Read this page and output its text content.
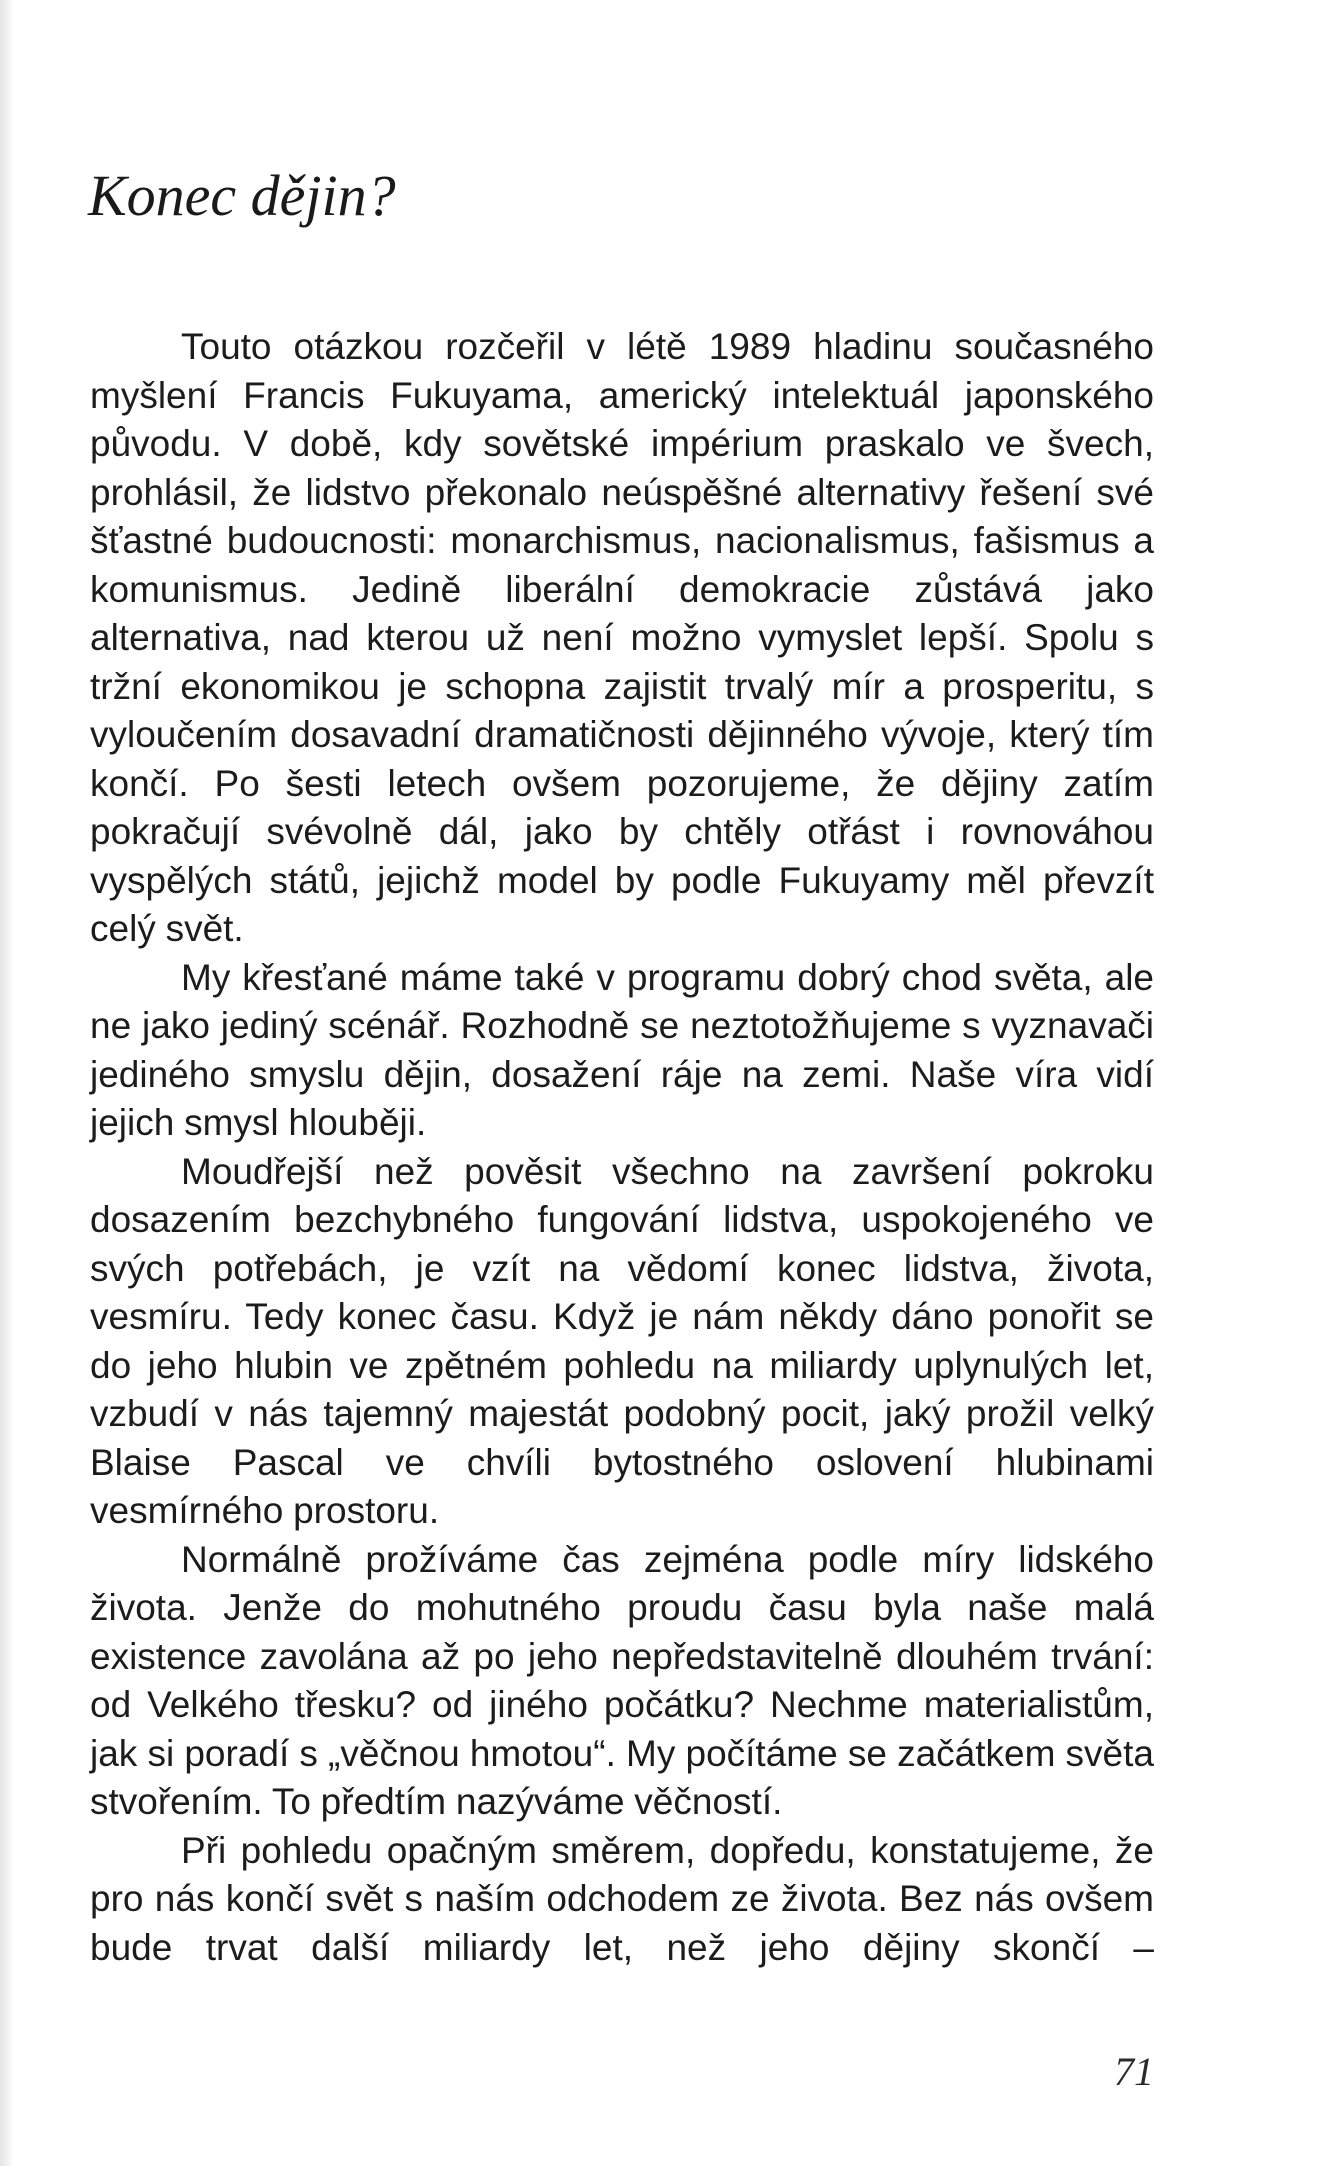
Konec dějin?

Touto otázkou rozčeřil v létě 1989 hladinu současného myšlení Francis Fukuyama, americký intelektuál japonského původu. V době, kdy sovětské impérium praskalo ve švech, prohlásil, že lidstvo překonalo neúspěšné alternativy řešení své šťastné budoucnosti: monarchismus, nacionalismus, fašismus a komunismus. Jedině liberální demokracie zůstává jako alternativa, nad kterou už není možno vymyslet lepší. Spolu s tržní ekonomikou je schopna zajistit trvalý mír a prosperitu, s vyloučením dosavadní dramatičnosti dějinného vývoje, který tím končí. Po šesti letech ovšem pozorujeme, že dějiny zatím pokračují svévolně dál, jako by chtěly otřást i rovnováhou vyspělých států, jejichž model by podle Fukuyamy měl převzít celý svět.

My křesťané máme také v programu dobrý chod světa, ale ne jako jediný scénář. Rozhodně se neztotožňujeme s vyznavači jediného smyslu dějin, dosažení ráje na zemi. Naše víra vidí jejich smysl hlouběji.

Moudřejší než pověsit všechno na završení pokroku dosazením bezchybného fungování lidstva, uspokojeného ve svých potřebách, je vzít na vědomí konec lidstva, života, vesmíru. Tedy konec času. Když je nám někdy dáno ponořit se do jeho hlubin ve zpětném pohledu na miliardy uplynulých let, vzbudí v nás tajemný majestát podobný pocit, jaký prožil velký Blaise Pascal ve chvíli bytostného oslovení hlubinami vesmírného prostoru.

Normálně prožíváme čas zejména podle míry lidského života. Jenže do mohutného proudu času byla naše malá existence zavolána až po jeho nepředstavitelně dlouhém trvání: od Velkého třesku? od jiného počátku? Nechme materialistům, jak si poradí s „věčnou hmotou“. My počítáme se začátkem světa stvořením. To předtím nazýváme věčností.

Při pohledu opačným směrem, dopředu, konstatujeme, že pro nás končí svět s naším odchodem ze života. Bez nás ovšem bude trvat další miliardy let, než jeho dějiny skončí –

71
